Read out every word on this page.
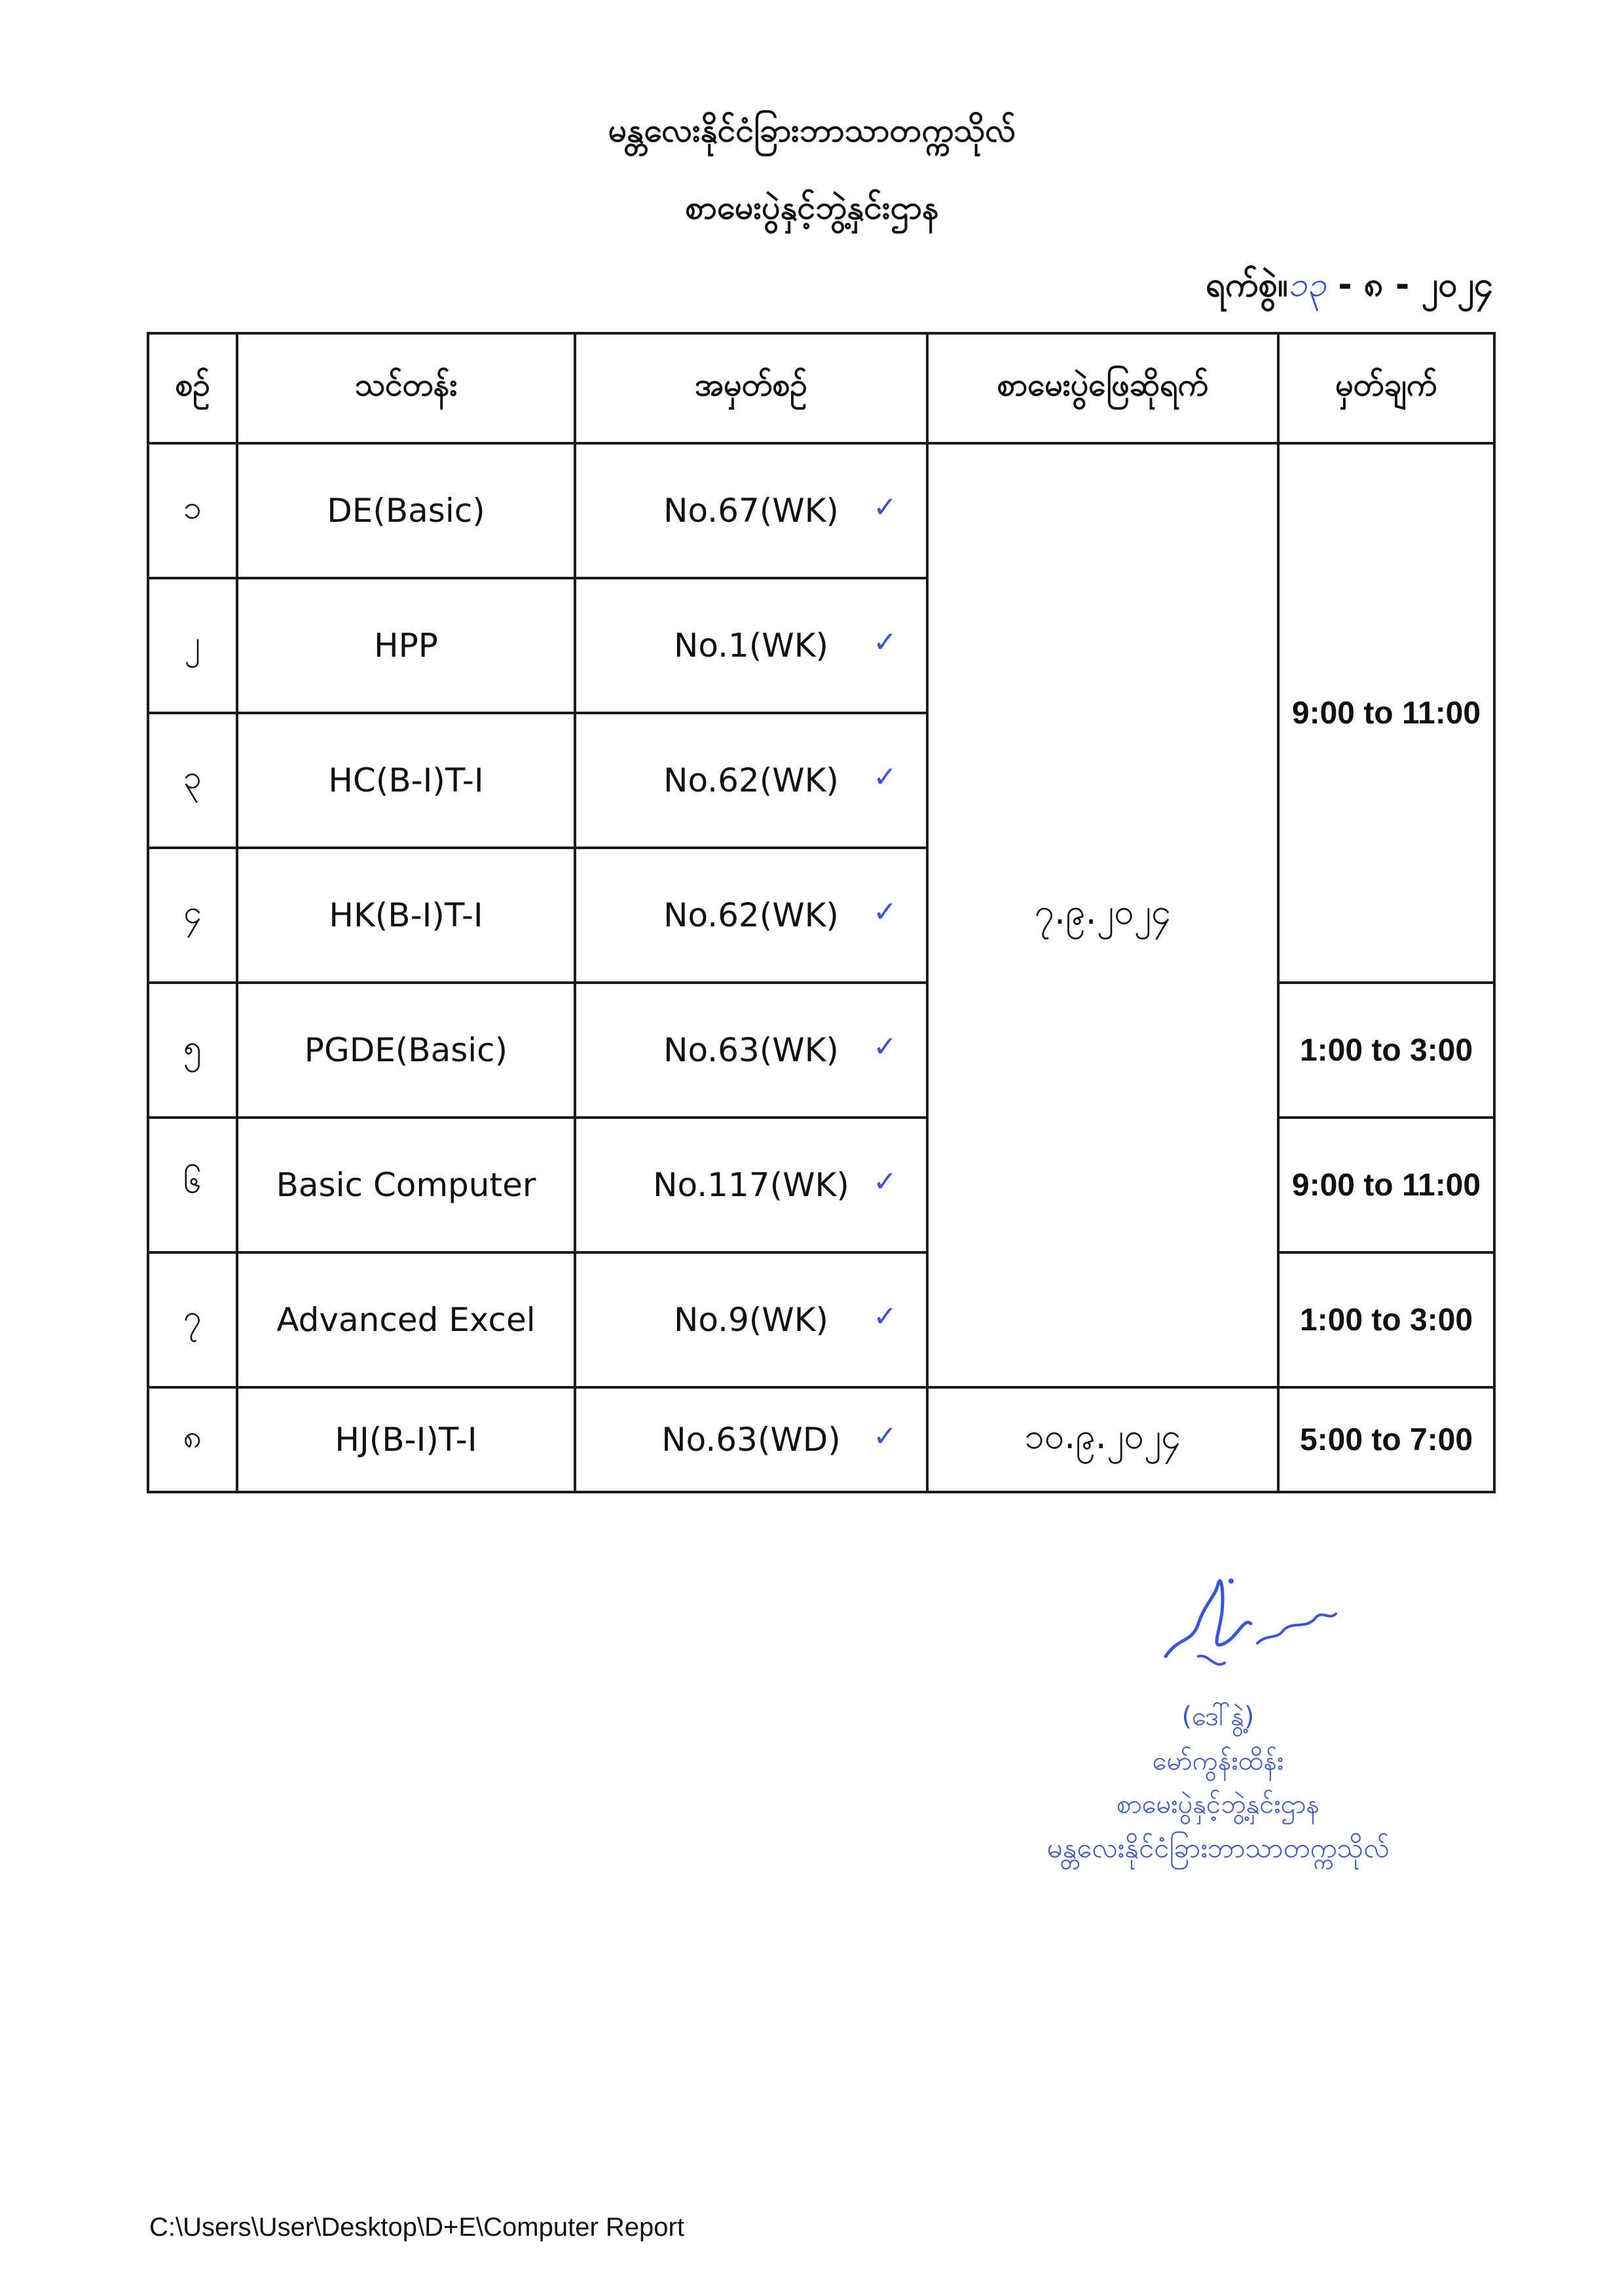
မန္တလေးနိုင်ငံခြားဘာသာတက္ကသိုလ်
စာမေးပွဲနှင့်ဘွဲ့နှင်းဌာန
ရက်စွဲ။၁၃ - ၈ - ၂၀၂၄
စဉ်	သင်တန်း	အမှတ်စဉ်	စာမေးပွဲဖြေဆိုရက်	မှတ်ချက်
၁	DE(Basic)	No.67(WK) ✓	၇.၉.၂၀၂၄	9:00 to 11:00
၂	HPP	No.1(WK) ✓		

၃	HC(B-I)T-I	No.62(WK) ✓		

၄	HK(B-I)T-I	No.62(WK) ✓		

၅	PGDE(Basic)	No.63(WK) ✓		1:00 to 3:00
၆	Basic Computer	No.117(WK) ✓		9:00 to 11:00
၇	Advanced Excel	No.9(WK) ✓		1:00 to 3:00
၈	HJ(B-I)T-I	No.63(WD) ✓	၁၀.၉.၂၀၂၄	5:00 to 7:00
(ဒေါ်နွဲ့)
မော်ကွန်းထိန်း
စာမေးပွဲနှင့်ဘွဲ့နှင်းဌာန
မန္တလေးနိုင်ငံခြားဘာသာတက္ကသိုလ်
C:\Users\User\Desktop\D+E\Computer Report
